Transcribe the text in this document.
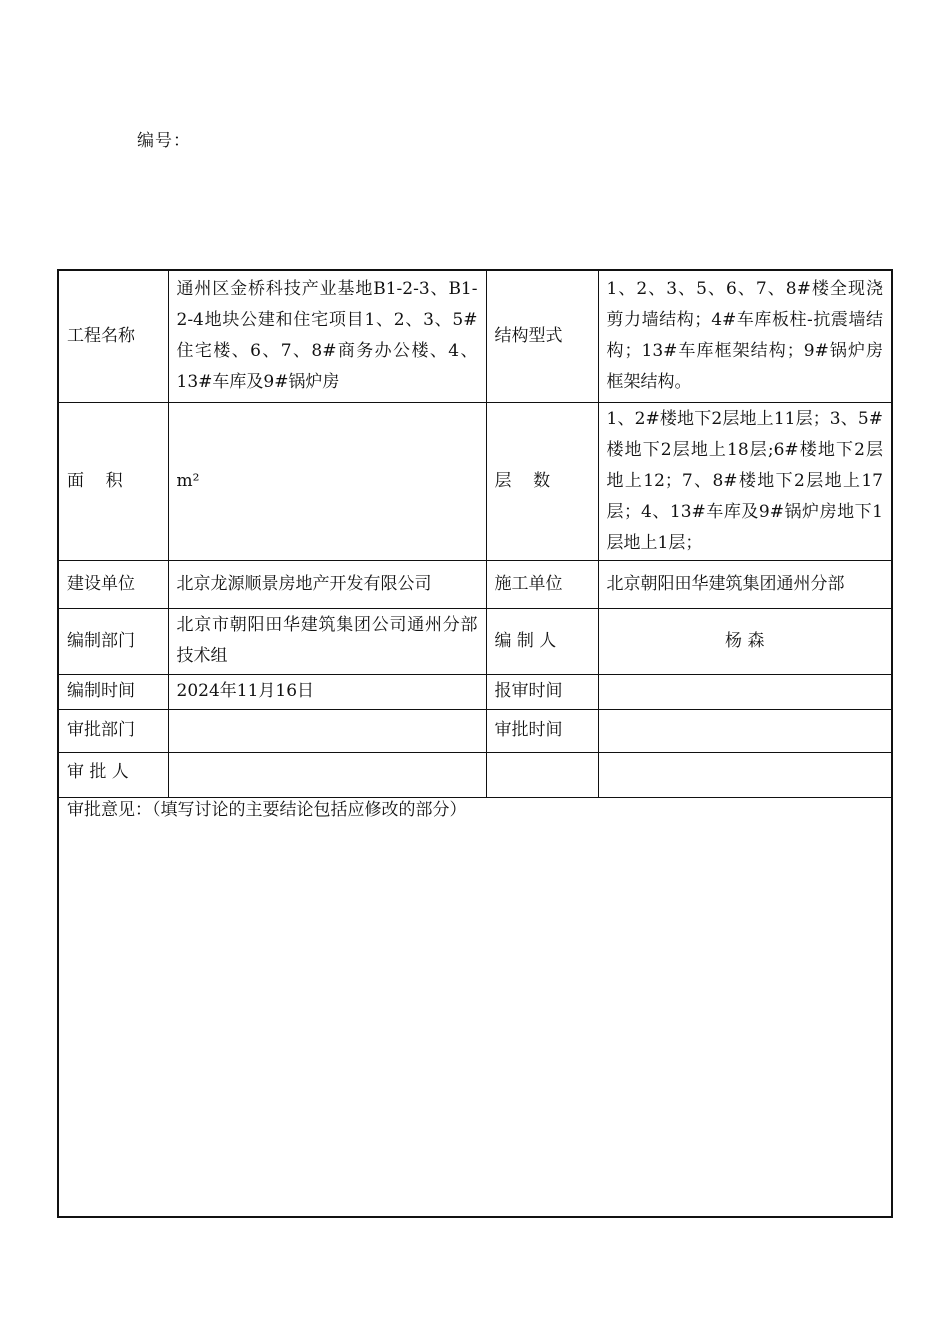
编号：
工程名称	通州区金桥科技产业基地B1-2-3、B1-2-4地块公建和住宅项目1、2、3、5#住宅楼、6、7、8#商务办公楼、4、13#车库及9#锅炉房	结构型式	1、2、3、5、6、7、8#楼全现浇剪力墙结构；4#车库板柱-抗震墙结构；13#车库框架结构；9#锅炉房框架结构。
面    积	m²	层    数	1、2#楼地下2层地上11层；3、5#楼地下2层地上18层;6#楼地下2层地上12；7、8#楼地下2层地上17层；4、13#车库及9#锅炉房地下1层地上1层；
建设单位	北京龙源顺景房地产开发有限公司	施工单位	北京朝阳田华建筑集团通州分部
编制部门	北京市朝阳田华建筑集团公司通州分部技术组	编 制 人	杨 森
编制时间	2024年11月16日	报审时间	
审批部门		审批时间	
审 批 人			
审批意见：（填写讨论的主要结论包括应修改的部分）			
